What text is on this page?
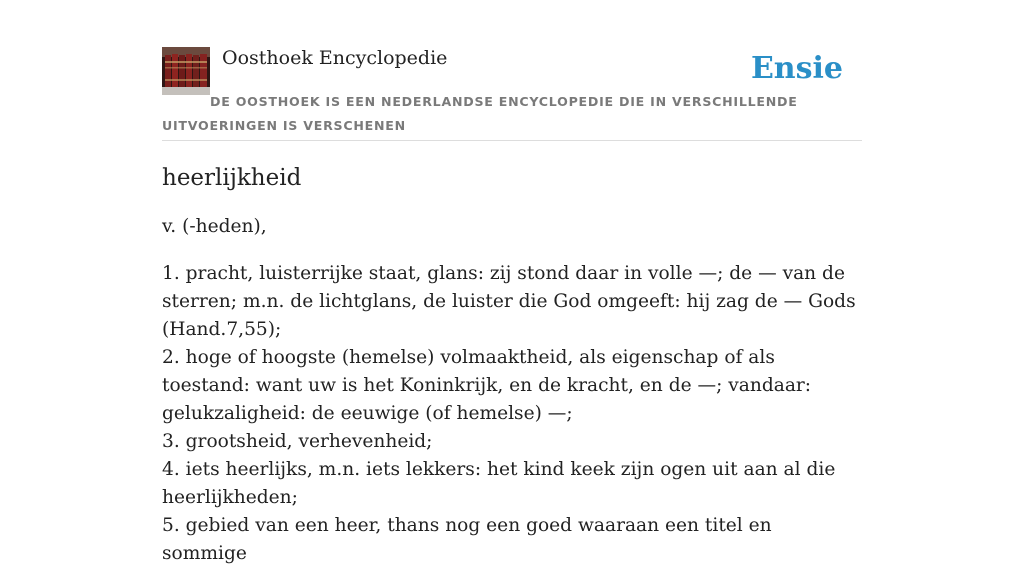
Oosthoek Encyclopedie	Ensie
DE OOSTHOEK IS EEN NEDERLANDSE ENCYCLOPEDIE DIE IN VERSCHILLENDE UITVOERINGEN IS VERSCHENEN
heerlijkheid

v. (-heden),

1. pracht, luisterrijke staat, glans: zij stond daar in volle —; de — van de sterren; m.n. de lichtglans, de luister die God omgeeft: hij zag de — Gods (Hand.7,55);
2. hoge of hoogste (hemelse) volmaaktheid, als eigenschap of als toestand: want uw is het Koninkrijk, en de kracht, en de —; vandaar: gelukzaligheid: de eeuwige (of hemelse) —;
3. grootsheid, verhevenheid;
4. iets heerlijks, m.n. iets lekkers: het kind keek zijn ogen uit aan al die heerlijkheden;
5. gebied van een heer, thans nog een goed waaraan een titel en sommige
